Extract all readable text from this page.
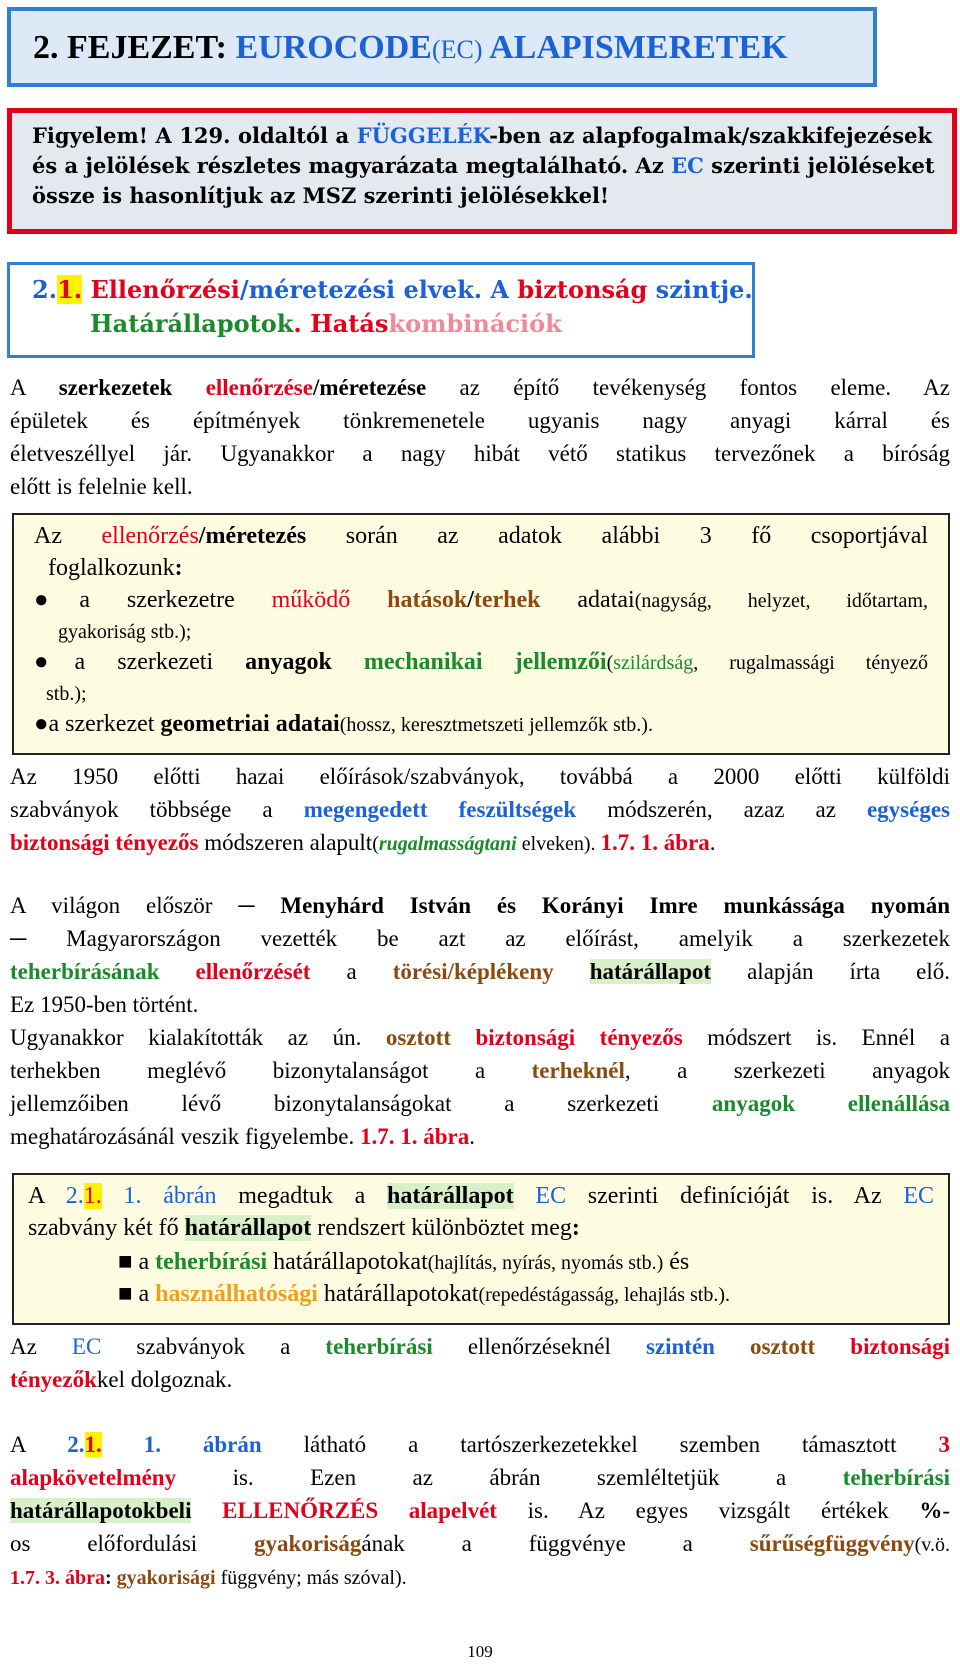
2. FEJEZET: EUROCODE(EC) ALAPISMERETEK
Figyelem! A 129. oldaltól a FÜGGELÉK-ben az alapfogalmak/szakkifejezések
és a jelölések részletes magyarázata megtalálható. Az EC szerinti jelöléseket
össze is hasonlítjuk az MSZ szerinti jelölésekkel!
2.1. Ellenőrzési/méretezési elvek. A biztonság szintje.
Határállapotok. Hatáskombinációk
A szerkezetek ellenőrzése/méretezése az építő tevékenység fontos eleme. Az
épületek és építmények tönkremenetele ugyanis nagy anyagi kárral és
életveszéllyel jár. Ugyanakkor a nagy hibát vétő statikus tervezőnek a bíróság
előtt is felelnie kell.
Az ellenőrzés/méretezés során az adatok alábbi 3 fő csoportjával
foglalkozunk:
●a szerkezetre működő hatások/terhek adatai(nagyság, helyzet, időtartam,
gyakoriság stb.);
●a szerkezeti anyagok mechanikai jellemzői(szilárdság, rugalmassági tényező
stb.);
●a szerkezet geometriai adatai(hossz, keresztmetszeti jellemzők stb.).
Az 1950 előtti hazai előírások/szabványok, továbbá a 2000 előtti külföldi
szabványok többsége a megengedett feszültségek módszerén, azaz az egységes
biztonsági tényezős módszeren alapult(rugalmasságtani elveken). 1.7. 1. ábra.
A világon először ─ Menyhárd István és Korányi Imre munkássága nyomán
─ Magyarországon vezették be azt az előírást, amelyik a szerkezetek
teherbírásának ellenőrzését a törési/képlékeny határállapot alapján írta elő.
Ez 1950-ben történt.
Ugyanakkor kialakították az ún. osztott biztonsági tényezős módszert is. Ennél a
terhekben meglévő bizonytalanságot a terheknél, a szerkezeti anyagok
jellemzőiben lévő bizonytalanságokat a szerkezeti anyagok ellenállása
meghatározásánál veszik figyelembe. 1.7. 1. ábra.
A 2.1. 1. ábrán megadtuk a határállapot EC szerinti definícióját is. Az EC
szabvány két fő határállapot rendszert különböztet meg:
■ a teherbírási határállapotokat(hajlítás, nyírás, nyomás stb.) és
■ a használhatósági határállapotokat(repedéstágasság, lehajlás stb.).
Az EC szabványok a teherbírási ellenőrzéseknél szintén osztott biztonsági
tényezőkkel dolgoznak.
A 2.1. 1. ábrán látható a tartószerkezetekkel szemben támasztott 3
alapkövetelmény is. Ezen az ábrán szemléltetjük a teherbírási
határállapotokbeli ELLENŐRZÉS alapelvét is. Az egyes vizsgált értékek %-
os előfordulási gyakoriságának a függvénye a sűrűségfüggvény(v.ö.
1.7. 3. ábra: gyakorisági függvény; más szóval).
109
